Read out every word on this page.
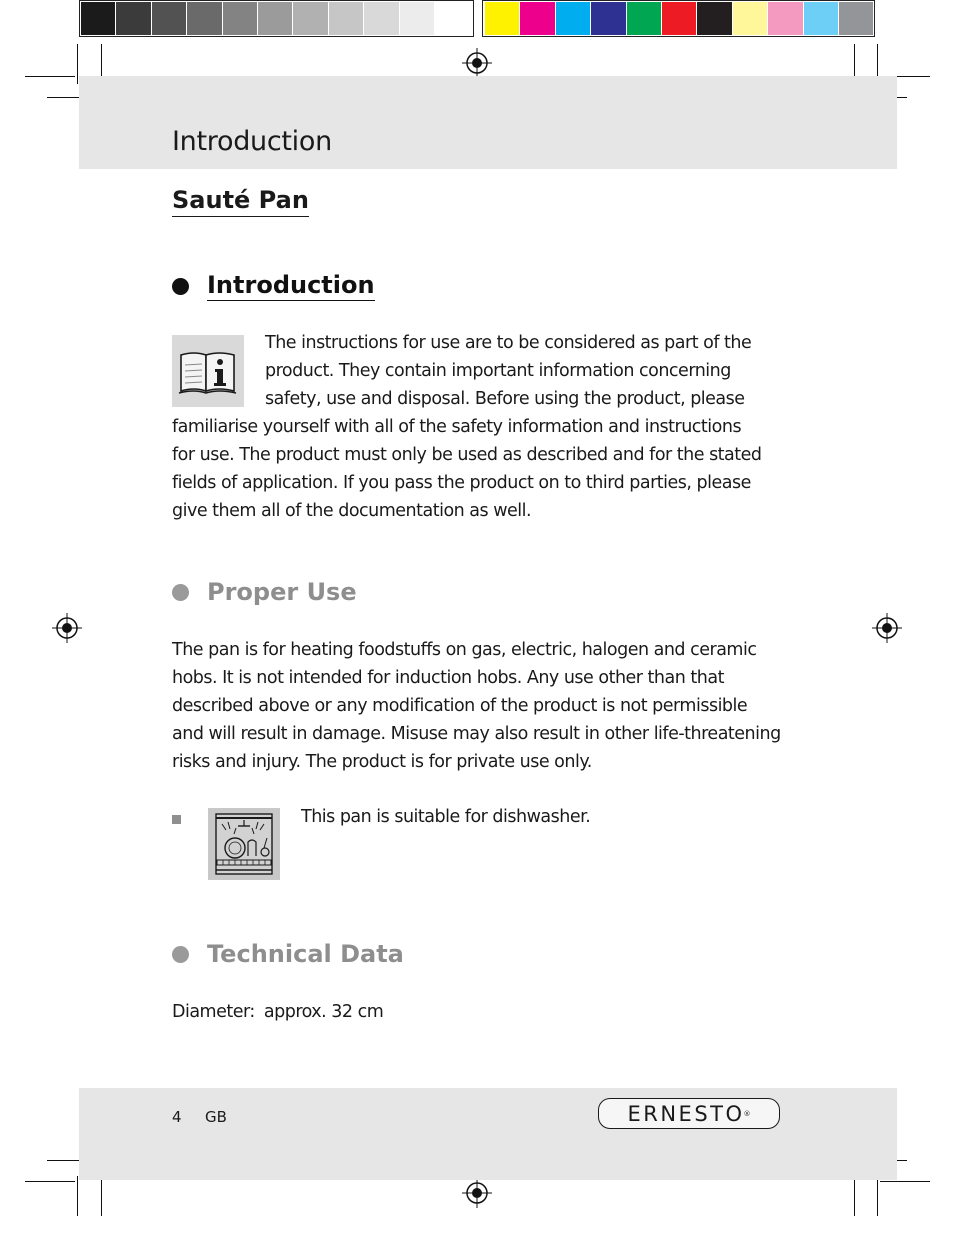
Introduction
Sauté Pan
Introduction
The instructions for use are to be considered as part of the
product. They contain important information concerning
safety, use and disposal. Before using the product, please
familiarise yourself with all of the safety information and instructions
for use. The product must only be used as described and for the stated
fields of application. If you pass the product on to third parties, please
give them all of the documentation as well.
Proper Use
The pan is for heating foodstuffs on gas, electric, halogen and ceramic
hobs. It is not intended for induction hobs. Any use other than that
described above or any modification of the product is not permissible
and will result in damage. Misuse may also result in other life-threatening
risks and injury. The product is for private use only.
This pan is suitable for dishwasher.
Technical Data
Diameter: approx. 32 cm
4 GB	ERNESTO ®
